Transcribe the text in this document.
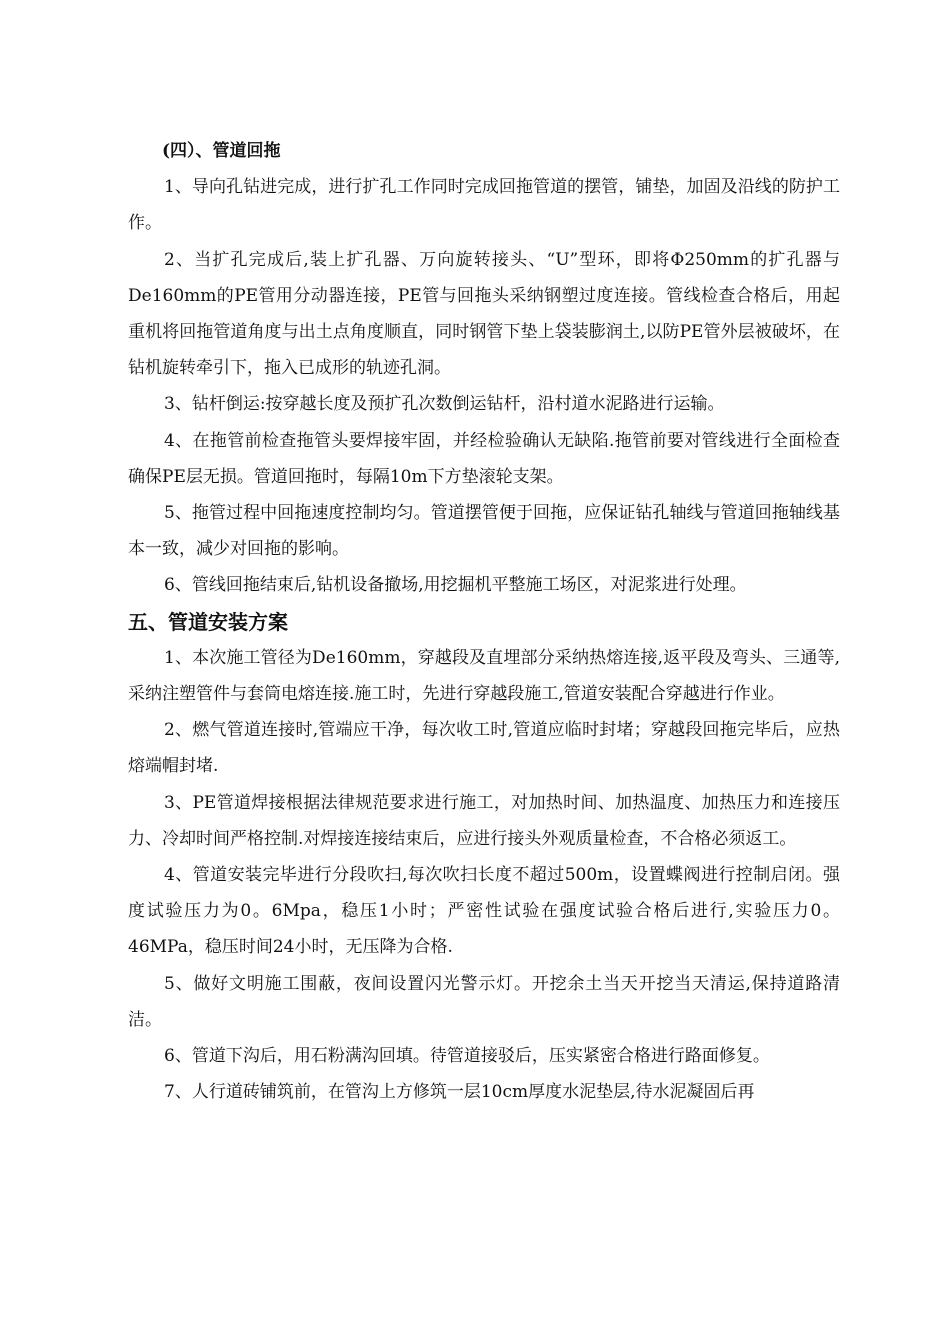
(四）、管道回拖

1、导向孔钻进完成，进行扩孔工作同时完成回拖管道的摆管，铺垫，加固及沿线的防护工作。

2、当扩孔完成后,装上扩孔器、万向旋转接头、“U”型环，即将Φ250mm的扩孔器与De160mm的PE管用分动器连接，PE管与回拖头采纳钢塑过度连接。管线检查合格后，用起重机将回拖管道角度与出土点角度顺直，同时钢管下垫上袋装膨润土,以防PE管外层被破坏，在钻机旋转牵引下，拖入已成形的轨迹孔洞。

3、钻杆倒运:按穿越长度及预扩孔次数倒运钻杆，沿村道水泥路进行运输。

4、在拖管前检查拖管头要焊接牢固，并经检验确认无缺陷.拖管前要对管线进行全面检查确保PE层无损。管道回拖时，每隔10m下方垫滚轮支架。

5、拖管过程中回拖速度控制均匀。管道摆管便于回拖，应保证钻孔轴线与管道回拖轴线基本一致，减少对回拖的影响。

6、管线回拖结束后,钻机设备撤场,用挖掘机平整施工场区，对泥浆进行处理。

五、管道安装方案

1、本次施工管径为De160mm，穿越段及直埋部分采纳热熔连接,返平段及弯头、三通等,采纳注塑管件与套筒电熔连接.施工时，先进行穿越段施工,管道安装配合穿越进行作业。

2、燃气管道连接时,管端应干净，每次收工时,管道应临时封堵；穿越段回拖完毕后，应热熔端帽封堵.

3、PE管道焊接根据法律规范要求进行施工，对加热时间、加热温度、加热压力和连接压力、冷却时间严格控制.对焊接连接结束后，应进行接头外观质量检查，不合格必须返工。

4、管道安装完毕进行分段吹扫,每次吹扫长度不超过500m，设置蝶阀进行控制启闭。强度试验压力为0。6Mpa，稳压1小时；严密性试验在强度试验合格后进行,实验压力0。46MPa，稳压时间24小时，无压降为合格.

5、做好文明施工围蔽，夜间设置闪光警示灯。开挖余土当天开挖当天清运,保持道路清洁。

6、管道下沟后，用石粉满沟回填。待管道接驳后，压实紧密合格进行路面修复。

7、人行道砖铺筑前，在管沟上方修筑一层10cm厚度水泥垫层,待水泥凝固后再
